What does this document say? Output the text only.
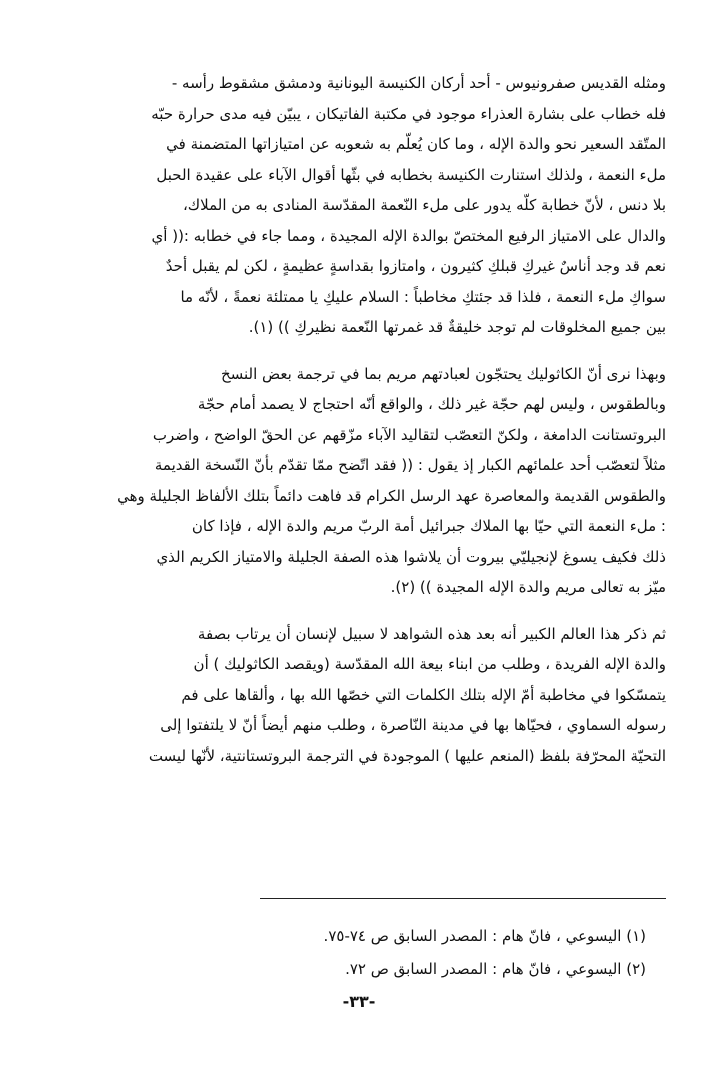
ومثله القديس صفرونيوس - أحد أركان الكنيسة اليونانية ودمشق مشقوط رأسه -

فله خطاب على بشارة العذراء موجود في مكتبة الفاتيكان ، يبيّن فيه مدى حرارة حبّه

المتّقد السعير نحو والدة الإله ، وما كان يُعلّم به شعوبه عن امتيازاتها المتضمنة في

ملء النعمة ، ولذلك استنارت الكنيسة بخطابه في بثّها أقوال الآباء على عقيدة الحبل

بلا دنس ، لأنّ خطابة كلّه يدور على ملء النّعمة المقدّسة المنادى به من الملاك،

والدال على الامتياز الرفيع المختصّ بوالدة الإله المجيدة ، ومما جاء في خطابه :(( أي

نعم قد وجد أناسٌ غيركِ قبلكِ كثيرون ، وامتازوا بقداسةٍ عظيمةٍ ، لكن لم يقبل أحدٌ

سواكِ ملء النعمة ، فلذا قد جئتكِ مخاطباً : السلام عليكِ يا ممتلئة نعمةً ، لأنّه ما

بين جميع المخلوقات لم توجد خليقةٌ قد غمرتها النّعمة نظيركِ )) (١).

وبهذا نرى أنّ الكاثوليك يحتجّون لعبادتهم مريم بما في ترجمة بعض النسخ

وبالطقوس ، وليس لهم حجّة غير ذلك ، والواقع أنّه احتجاج لا يصمد أمام حجّة

البروتستانت الدامغة ، ولكنّ التعصّب لتقاليد الآباء مزّقهم عن الحقّ الواضح ، واضرب

مثلاً لتعصّب أحد علمائهم الكبار إذ يقول : (( فقد اتّضح ممّا تقدّم بأنّ النّسخة القديمة

والطقوس القديمة والمعاصرة عهد الرسل الكرام قد فاهت دائماً بتلك الألفاظ الجليلة وهي

: ملء النعمة التي حيّا بها الملاك جبرائيل أمة الربّ مريم والدة الإله ، فإذا كان

ذلك فكيف يسوغ لإنجيليّي بيروت أن يلاشوا هذه الصفة الجليلة والامتياز الكريم الذي

ميّز به تعالى مريم والدة الإله المجيدة )) (٢).

ثم ذكر هذا العالم الكبير أنه بعد هذه الشواهد لا سبيل لإنسان أن يرتاب بصفة

والدة الإله الفريدة ، وطلب من ابناء بيعة الله المقدّسة (ويقصد الكاثوليك ) أن

يتمسّكوا في مخاطبة أمّ الإله بتلك الكلمات التي خصّها الله بها ، وألقاها على فم

رسوله السماوي ، فحيّاها بها في مدينة النّاصرة ، وطلب منهم أيضاً أنّ لا يلتفتوا إلى

التحيّة المحرّفة بلفظ (المنعم عليها ) الموجودة في الترجمة البروتستانتية، لأنّها ليست

(١) اليسوعي ، فانّ هام : المصدر السابق ص ٧٤-٧٥.

(٢) اليسوعي ، فانّ هام : المصدر السابق ص ٧٢.

-٣٣-
